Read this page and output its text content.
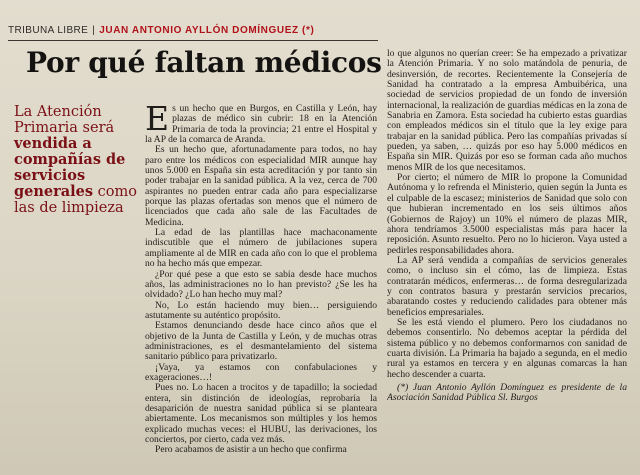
TRIBUNA LIBRE | JUAN ANTONIO AYLLÓN DOMÍNGUEZ (*)
Por qué faltan médicos
La Atención Primaria será vendida a compañías de servicios generales como las de limpieza

Es un hecho que en Burgos, en Castilla y León, hay plazas de médico sin cubrir: 18 en la Atención Primaria de toda la provincia; 21 entre el Hospital y la AP de la comarca de Aranda.

Es un hecho que, afortunadamente para todos, no hay paro entre los médicos con especialidad MIR aunque hay unos 5.000 en España sin esta acreditación y por tanto sin poder trabajar en la sanidad pública. A la vez, cerca de 700 aspirantes no pueden entrar cada año para especializarse porque las plazas ofertadas son menos que el número de licenciados que cada año sale de las Facultades de Medicina.

La edad de las plantillas hace machaconamente indiscutible que el número de jubilaciones supera ampliamente al de MIR en cada año con lo que el problema no ha hecho más que empezar.

¿Por qué pese a que esto se sabía desde hace muchos años, las administraciones no lo han previsto? ¿Se les ha olvidado? ¿Lo han hecho muy mal?

No, Lo están haciendo muy bien… persiguiendo astutamente su auténtico propósito.

Estamos denunciando desde hace cinco años que el objetivo de la Junta de Castilla y León, y de muchas otras administraciones, es el desmantelamiento del sistema sanitario público para privatizarlo.

¡Vaya, ya estamos con confabulaciones y exageraciones…!

Pues no. Lo hacen a trocitos y de tapadillo; la sociedad entera, sin distinción de ideologías, reprobaría la desaparición de nuestra sanidad pública si se planteara abiertamente. Los mecanismos son múltiples y los hemos explicado muchas veces: el HUBU, las derivaciones, los conciertos, por cierto, cada vez más.

Pero acabamos de asistir a un hecho que confirma

lo que algunos no querían creer: Se ha empezado a privatizar la Atención Primaria. Y no solo matándola de penuria, de desinversión, de recortes. Recientemente la Consejería de Sanidad ha contratado a la empresa Ambuibérica, una sociedad de servicios propiedad de un fondo de inversión internacional, la realización de guardias médicas en la zona de Sanabria en Zamora. Esta sociedad ha cubierto estas guardias con empleados médicos sin el título que la ley exige para trabajar en la sanidad pública. Pero las compañías privadas sí pueden, ya saben, … quizás por eso hay 5.000 médicos en España sin MIR. Quizás por eso se forman cada año muchos menos MIR de los que necesitamos.

Por cierto; el número de MIR lo propone la Comunidad Autónoma y lo refrenda el Ministerio, quien según la Junta es el culpable de la escasez; ministerios de Sanidad que solo con que hubieran incrementado en los seis últimos años (Gobiernos de Rajoy) un 10% el número de plazas MIR, ahora tendríamos 3.5000 especialistas más para hacer la reposición. Asunto resuelto. Pero no lo hicieron. Vaya usted a pedirles responsabilidades ahora.

La AP será vendida a compañías de servicios generales como, o incluso sin el cómo, las de limpieza. Estas contratarán médicos, enfermeras… de forma desregularizada y con contratos basura y prestarán servicios precarios, abaratando costes y reduciendo calidades para obtener más beneficios empresariales.

Se les está viendo el plumero. Pero los ciudadanos no debemos consentirlo. No debemos aceptar la pérdida del sistema público y no debemos conformarnos con sanidad de cuarta división. La Primaria ha bajado a segunda, en el medio rural ya estamos en tercera y en algunas comarcas la han hecho descender a cuarta.

(*) Juan Antonio Ayllón Domínguez es presidente de la Asociación Sanidad Pública Sl. Burgos
